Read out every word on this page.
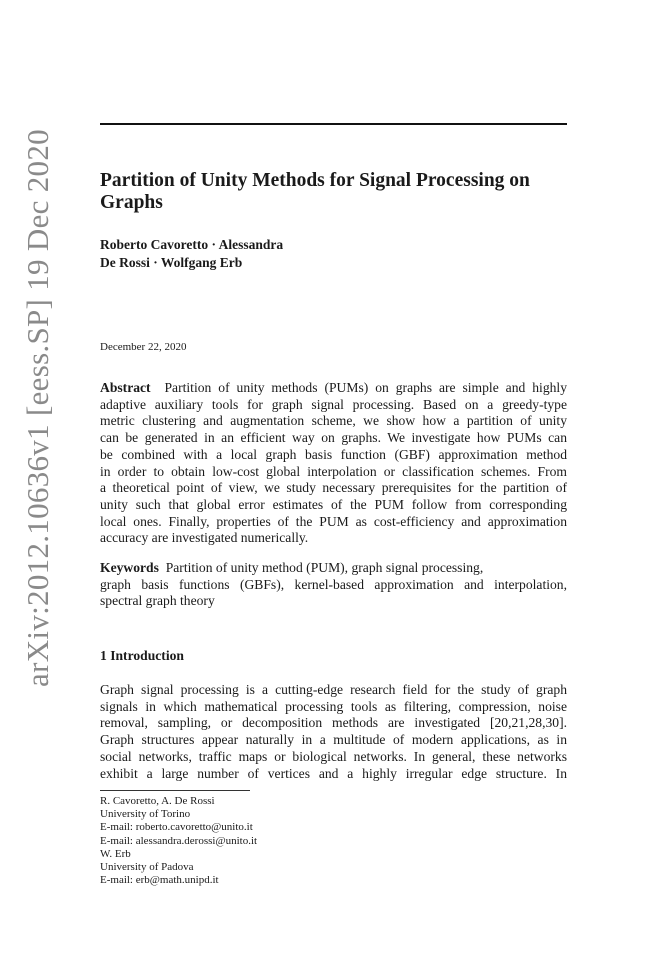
arXiv:2012.10636v1 [eess.SP] 19 Dec 2020 Partition of Unity Methods for Signal Processing on
Graphs
Roberto Cavoretto · Alessandra
De Rossi · Wolfgang Erb
December 22, 2020
Abstract Partition of unity methods (PUMs) on graphs are simple and highly
adaptive auxiliary tools for graph signal processing. Based on a greedy-type
metric clustering and augmentation scheme, we show how a partition of unity
can be generated in an efficient way on graphs. We investigate how PUMs can
be combined with a local graph basis function (GBF) approximation method
in order to obtain low-cost global interpolation or classification schemes. From
a theoretical point of view, we study necessary prerequisites for the partition of
unity such that global error estimates of the PUM follow from corresponding
local ones. Finally, properties of the PUM as cost-efficiency and approximation
accuracy are investigated numerically.
Keywords Partition of unity method (PUM), graph signal processing,
graph basis functions (GBFs), kernel-based approximation and interpolation,
spectral graph theory
1 Introduction
Graph signal processing is a cutting-edge research field for the study of graph
signals in which mathematical processing tools as filtering, compression, noise
removal, sampling, or decomposition methods are investigated [20,21,28,30].
Graph structures appear naturally in a multitude of modern applications, as in
social networks, traffic maps or biological networks. In general, these networks
exhibit a large number of vertices and a highly irregular edge structure. In
R. Cavoretto, A. De Rossi
University of Torino
E-mail: roberto.cavoretto@unito.it
E-mail: alessandra.derossi@unito.it
W. Erb
University of Padova
E-mail: erb@math.unipd.it
